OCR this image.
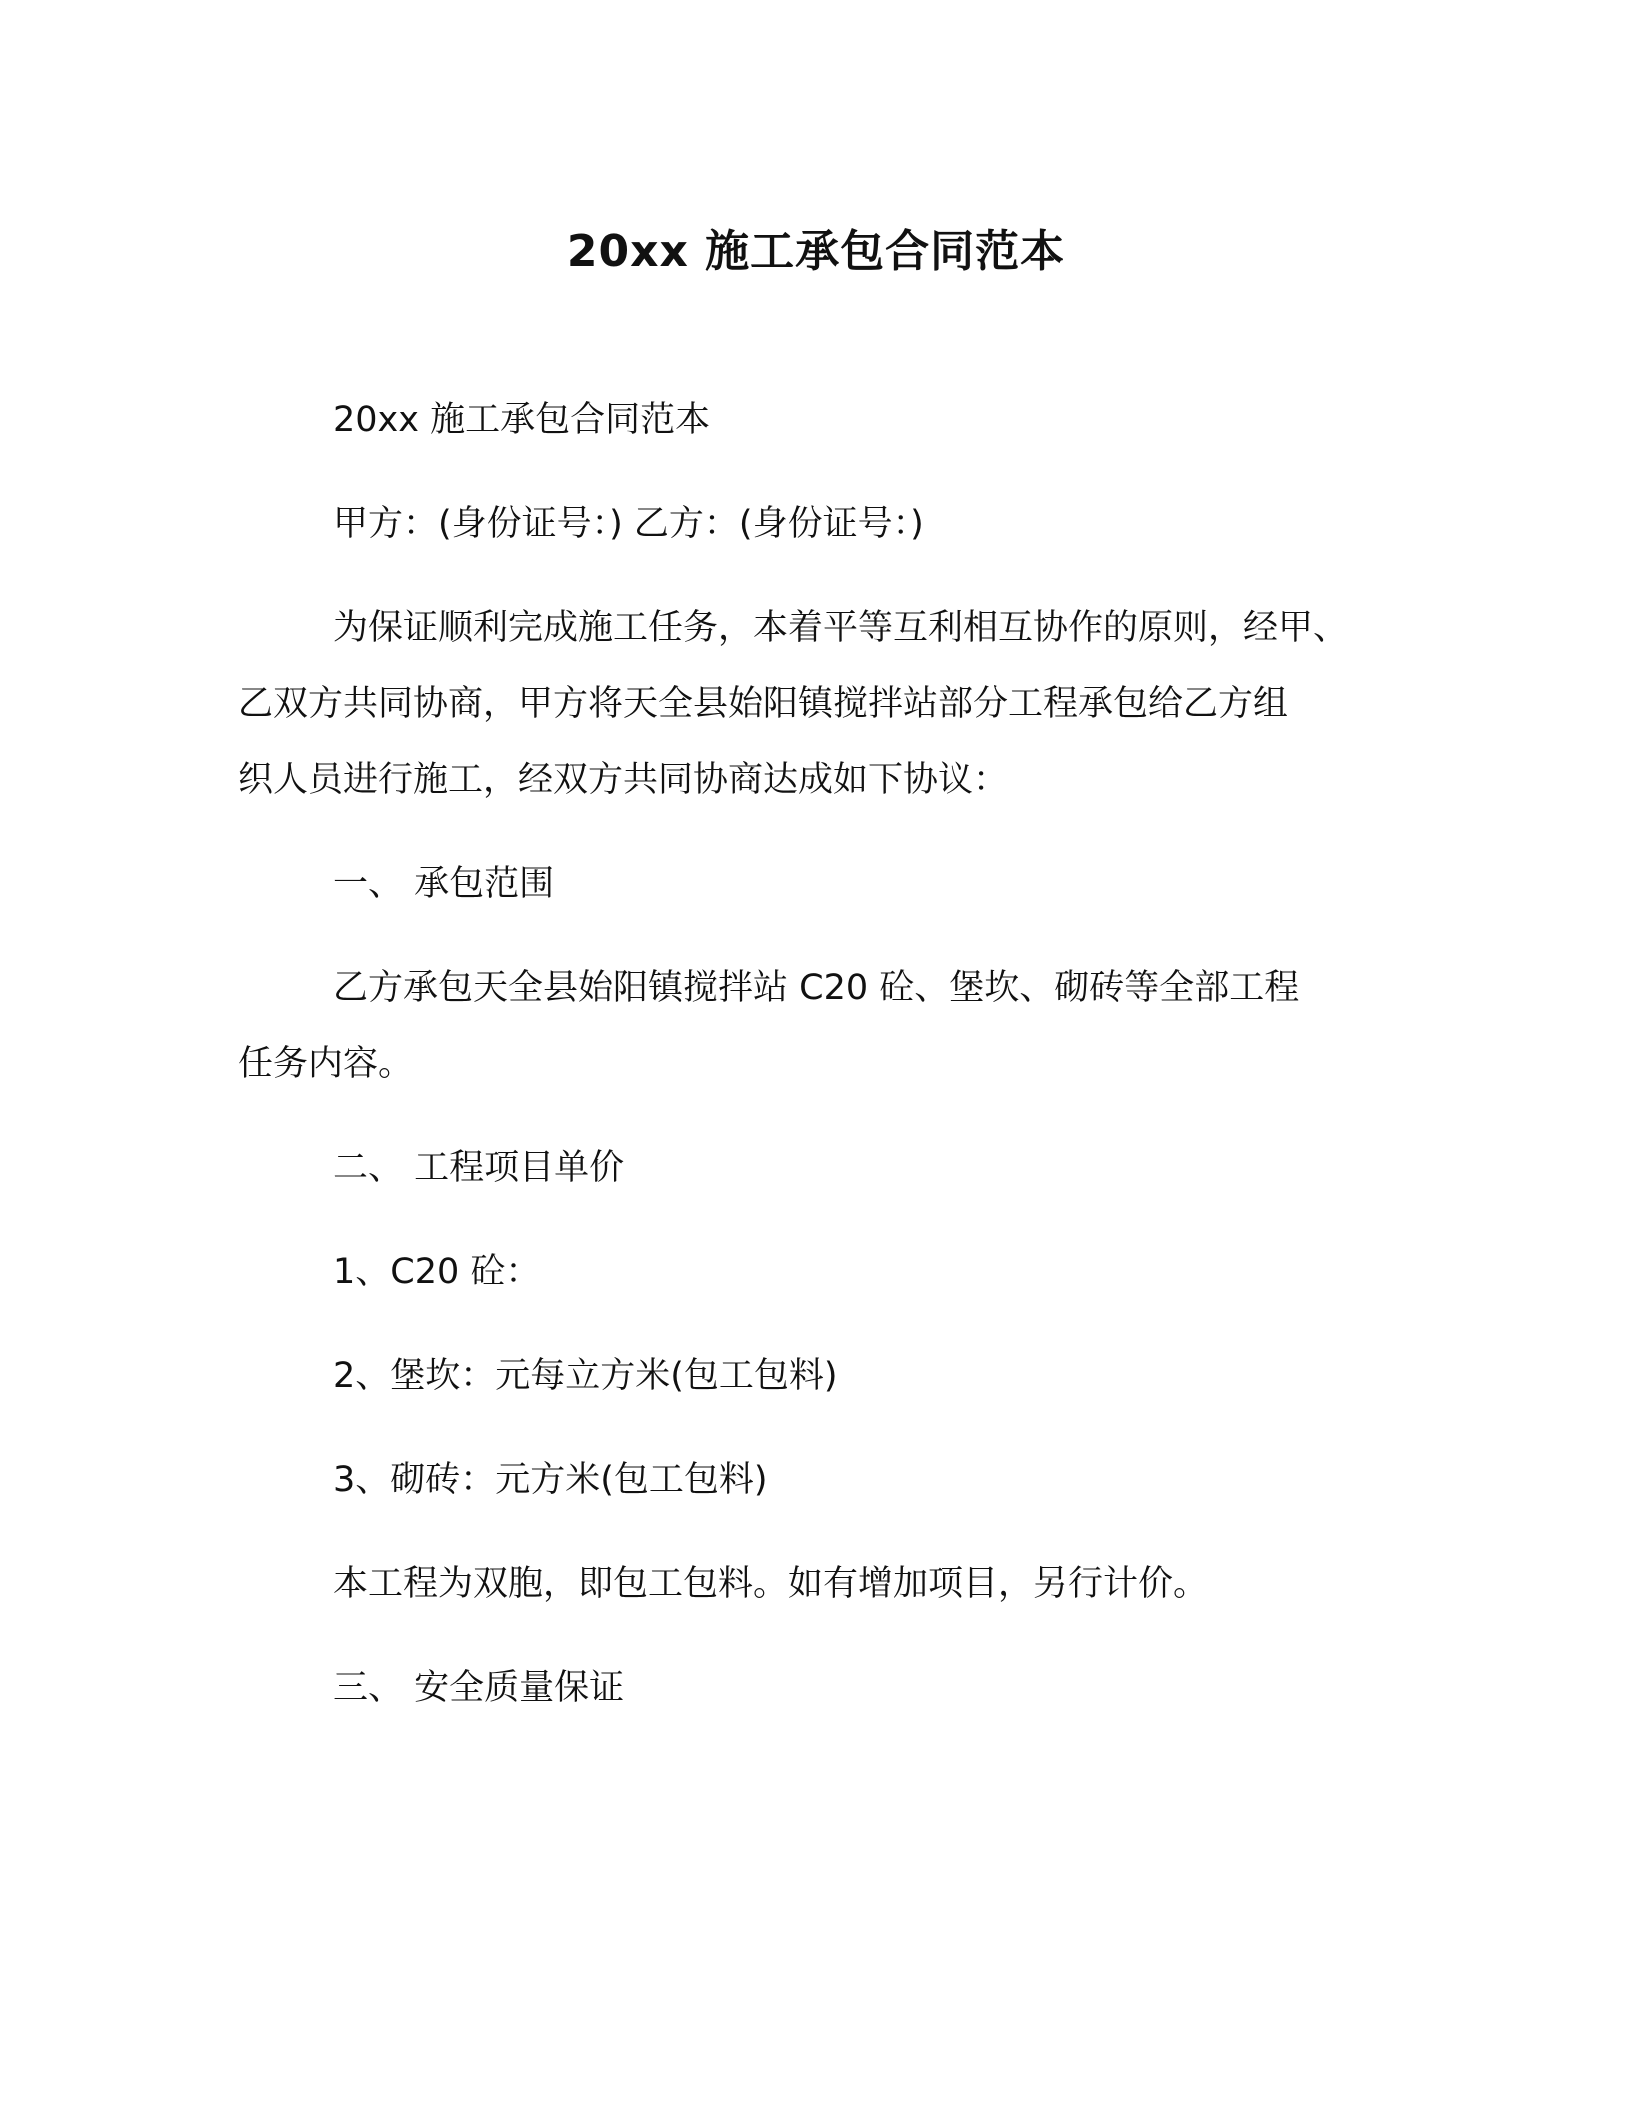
20xx 施工承包合同范本
20xx 施工承包合同范本
甲方：(身份证号：) 乙方：(身份证号：)
为保证顺利完成施工任务，本着平等互利相互协作的原则，经甲、
乙双方共同协商，甲方将天全县始阳镇搅拌站部分工程承包给乙方组
织人员进行施工，经双方共同协商达成如下协议：
一、 承包范围
乙方承包天全县始阳镇搅拌站 C20 砼、堡坎、砌砖等全部工程
任务内容。
二、 工程项目单价
1、C20 砼：
2、堡坎：元每立方米(包工包料)
3、砌砖：元方米(包工包料)
本工程为双胞，即包工包料。如有增加项目，另行计价。
三、 安全质量保证
